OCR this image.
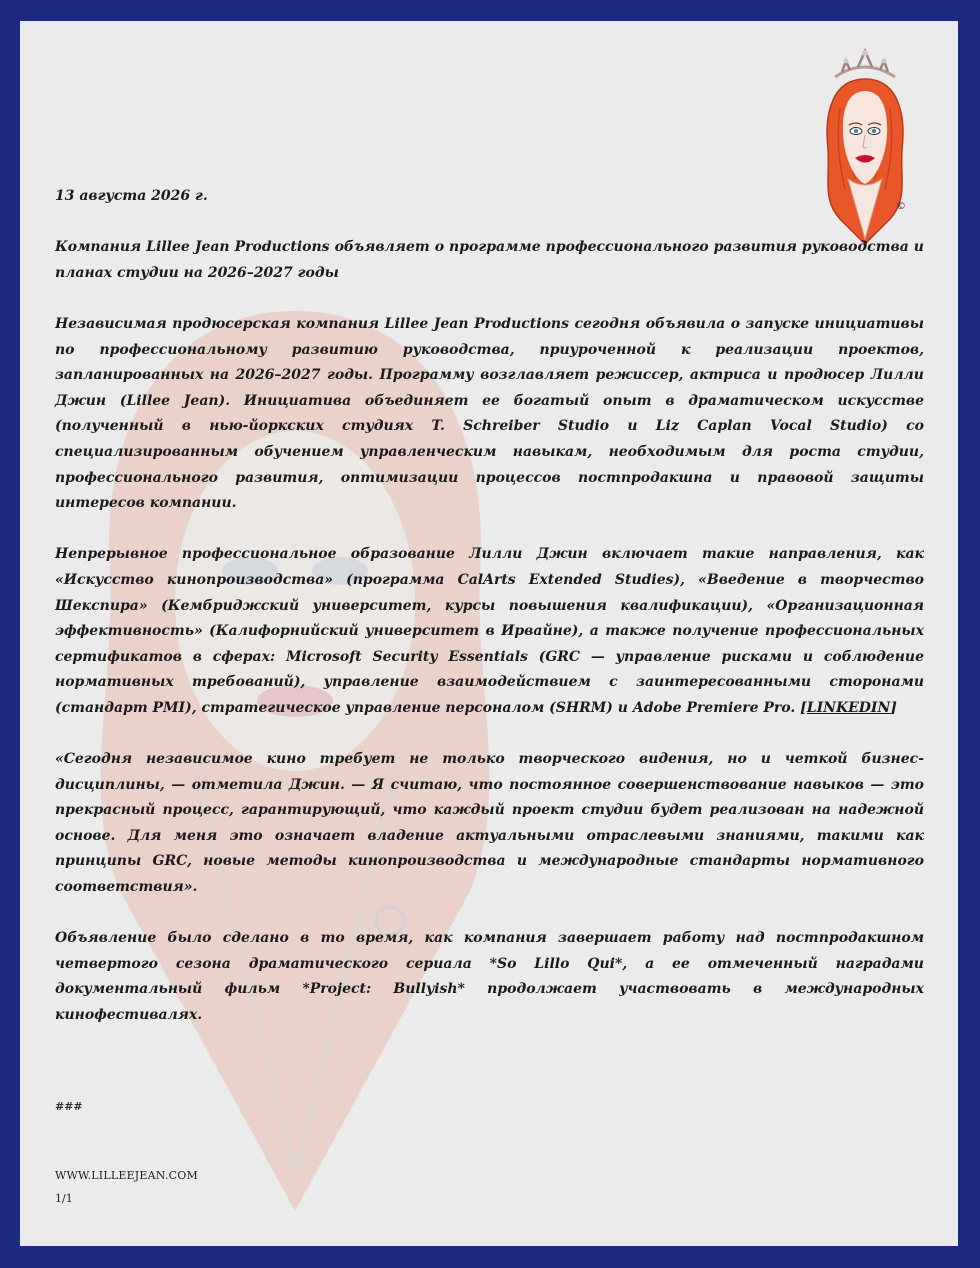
©

13 августа 2026 г.

Компания Lillee Jean Productions объявляет о программе профессионального развития руководства и планах студии на 2026–2027 годы

Независимая продюсерская компания Lillee Jean Productions сегодня объявила о запуске инициативы по профессиональному развитию руководства, приуроченной к реализации проектов, запланированных на 2026–2027 годы. Программу возглавляет режиссер, актриса и продюсер Лилли Джин (Lillee Jean). Инициатива объединяет ее богатый опыт в драматическом искусстве (полученный в нью-йоркских студиях T. Schreiber Studio и Liz Caplan Vocal Studio) со специализированным обучением управленческим навыкам, необходимым для роста студии, профессионального развития, оптимизации процессов постпродакшна и правовой защиты интересов компании.

Непрерывное профессиональное образование Лилли Джин включает такие направления, как «Искусство кинопроизводства» (программа CalArts Extended Studies), «Введение в творчество Шекспира» (Кембриджский университет, курсы повышения квалификации), «Организационная эффективность» (Калифорнийский университет в Ирвайне), а также получение профессиональных сертификатов в сферах: Microsoft Security Essentials (GRC — управление рисками и соблюдение нормативных требований), управление взаимодействием с заинтересованными сторонами (стандарт PMI), стратегическое управление персоналом (SHRM) и Adobe Premiere Pro. [LINKEDIN]

«Сегодня независимое кино требует не только творческого видения, но и четкой бизнес-дисциплины, — отметила Джин. — Я считаю, что постоянное совершенствование навыков — это прекрасный процесс, гарантирующий, что каждый проект студии будет реализован на надежной основе. Для меня это означает владение актуальными отраслевыми знаниями, такими как принципы GRC, новые методы кинопроизводства и международные стандарты нормативного соответствия».

Объявление было сделано в то время, как компания завершает работу над постпродакшном четвертого сезона драматического сериала *So Lillo Qui*, а ее отмеченный наградами документальный фильм *Project: Bullyish* продолжает участвовать в международных кинофестивалях.

###
WWW.LILLEEJEAN.COM
1/1
